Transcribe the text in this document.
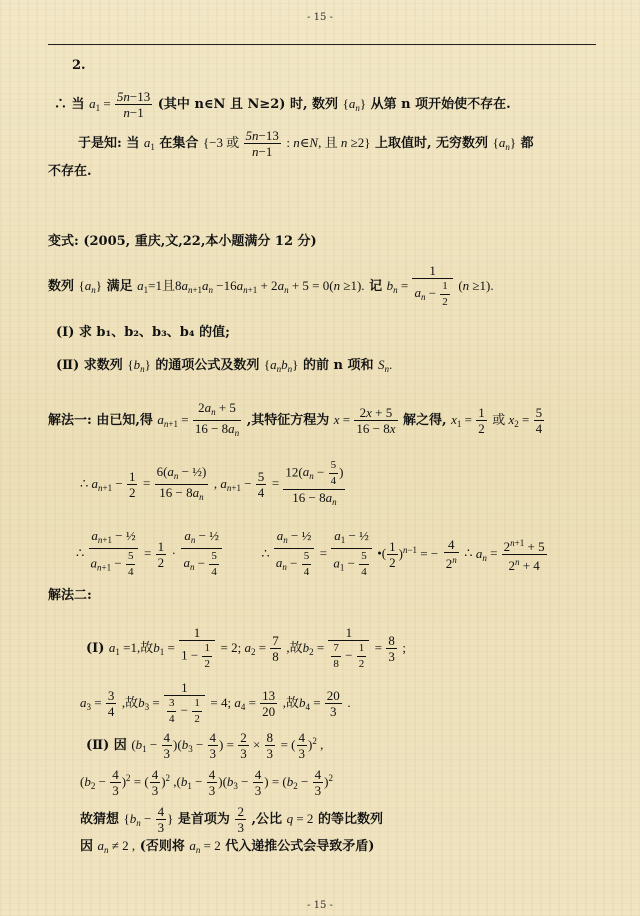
- 15 -
2.
∴ 当 $a_1 = \frac{5n-13}{n-1}$ (其中 n∈N 且 N≥2) 时, 数列 $\{a_n\}$ 从第 n 项开始使不存在.
于是知: 当 $a_1$ 在集合 {−3 或 $\frac{5n-13}{n-1}$ : n∈N, 且 n ≥2} 上取值时, 无穷数列 $\{a_n\}$ 都
不存在.
变式: (2005, 重庆,文,22,本小题满分 12 分)
数列 $\{a_n\}$ 满足 $a_1=1$且$8a_{n+1}a_n -16a_{n+1} + 2a_n + 5 = 0(n \ge 1)$. 记 $b_n = \frac{1}{a_n - \frac{1}{2}} (n \ge 1)$.
(Ⅰ) 求 b₁、b₂、b₃、b₄ 的值;
(Ⅱ) 求数列 $\{b_n\}$ 的通项公式及数列 $\{a_nb_n\}$ 的前 n 项和 $S_n$.
解法一: 由已知,得 $a_{n+1} = \frac{2a_n + 5}{16 - 8a_n}$ ,其特征方程为 $x = \frac{2x + 5}{16 - 8x}$ 解之得, $x_1 = \frac{1}{2}$ 或 $x_2 = \frac{5}{4}$
∴ $a_{n+1} - \frac{1}{2} = \frac{6(a_n - \frac{1}{2})}{16 - 8a_n}$ , $a_{n+1} - \frac{5}{4} = \frac{12(a_n - \frac{5}{4} )}{16 - 8a_n}$
∴ $\frac{a_{n+1} - \frac{1}{2}}{a_{n+1} - \frac{5}{4}} = \frac{1}{2} \cdot \frac{a_n - \frac{1}{2}}{a_n - \frac{5}{4}}$	∴ $\frac{a_n - \frac{1}{2}}{a_n - \frac{5}{4}} = \frac{a_1 - \frac{1}{2}}{a_1 - \frac{5}{4}}$ •( $\frac{1}{2} )^{n-1}$ = − $\frac{4}{2^n}$ ∴ $a_n = \frac{2^{n+1} + 5}{2^n + 4}$
解法二:
(Ⅰ) $a_1 =1$,故$b_1 = \frac{1}{1 - \frac{1}{2}} = 2$; $a_2 = \frac{7}{8}$ ,故$b_2 = \frac{1}{\frac{7}{8} - \frac{1}{2}} = \frac{8}{3}$ ;
$a_3 = \frac{3}{4}$ ,故$b_3 = \frac{1}{\frac{3}{4} - \frac{1}{2}} = 4$; $a_4 = \frac{13}{20}$ ,故$b_4 = \frac{20}{3}$ .
(Ⅱ) 因 $(b_1 - \frac{4}{3} )(b_3 - \frac{4}{3}$ ) = $\frac{2}{3} \times \frac{8}{3}$ = ( $\frac{4}{3} )^2$ ,
$(b_2 - \frac{4}{3} )^2$ = ( $\frac{4}{3} )^2$ $,(b_1 - \frac{4}{3} )(b_3 - \frac{4}{3}$ ) = $(b_2 - \frac{4}{3} )^2$
故猜想 {$b_n - \frac{4}{3}$ } 是首项为 $\frac{2}{3}$ ,公比 q = 2 的等比数列
因 $a_n \ne 2$ , (否则将 $a_n = 2$ 代入递推公式会导致矛盾)
- 15 -
